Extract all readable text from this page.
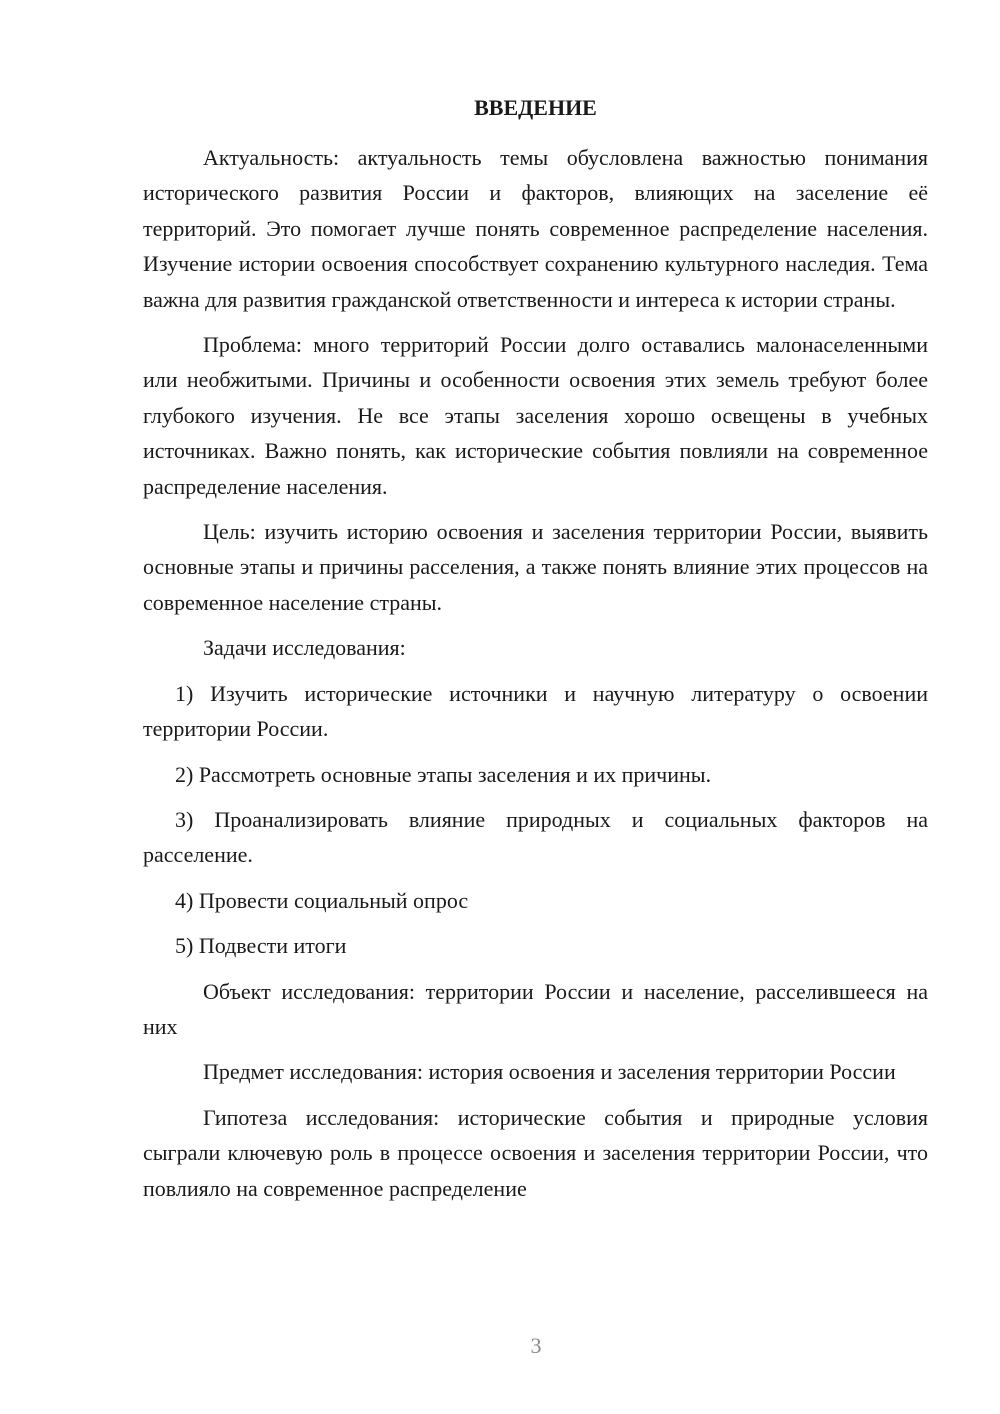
ВВЕДЕНИЕ

Актуальность: актуальность темы обусловлена важностью понимания исторического развития России и факторов, влияющих на заселение её территорий. Это помогает лучше понять современное распределение населения. Изучение истории освоения способствует сохранению культурного наследия. Тема важна для развития гражданской ответственности и интереса к истории страны.

Проблема: много территорий России долго оставались малонаселенными или необжитыми. Причины и особенности освоения этих земель требуют более глубокого изучения. Не все этапы заселения хорошо освещены в учебных источниках. Важно понять, как исторические события повлияли на современное распределение населения.

Цель: изучить историю освоения и заселения территории России, выявить основные этапы и причины расселения, а также понять влияние этих процессов на современное население страны.

Задачи исследования:

1) Изучить исторические источники и научную литературу о освоении территории России.

2) Рассмотреть основные этапы заселения и их причины.

3) Проанализировать влияние природных и социальных факторов на расселение.

4) Провести социальный опрос

5) Подвести итоги

Объект исследования: территории России и население, расселившееся на них

Предмет исследования: история освоения и заселения территории России

Гипотеза исследования: исторические события и природные условия сыграли ключевую роль в процессе освоения и заселения территории России, что повлияло на современное распределение

3
